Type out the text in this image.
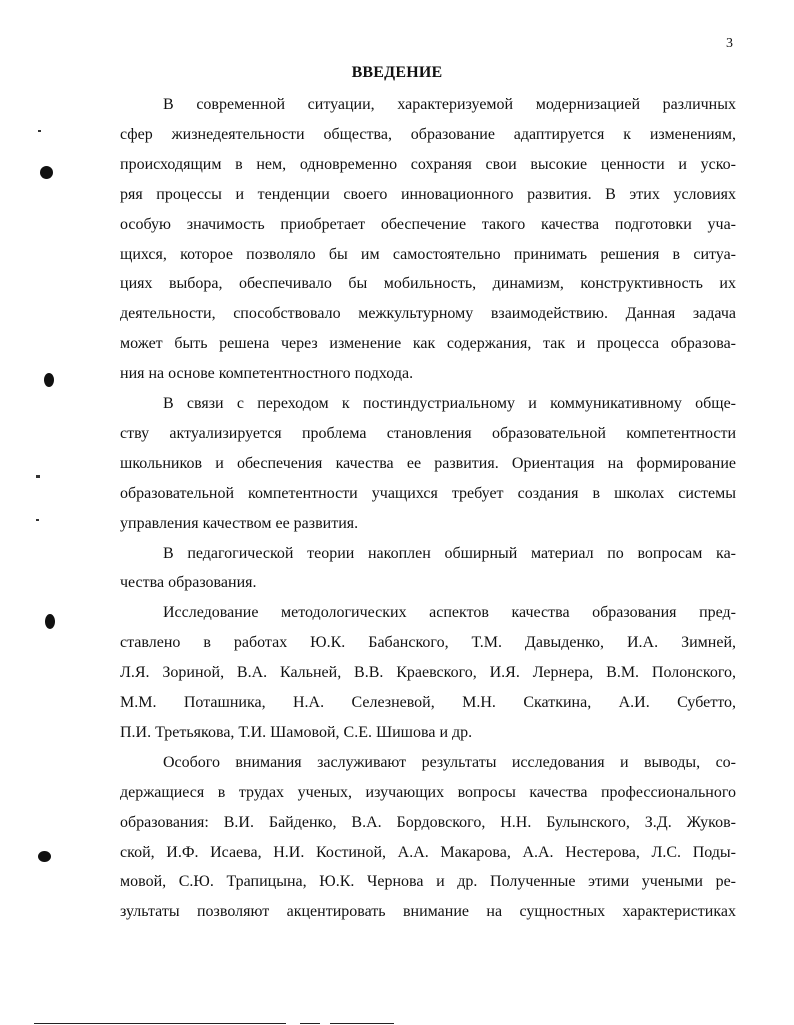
3
ВВЕДЕНИЕ
В современной ситуации, характеризуемой модернизацией различных
сфер жизнедеятельности общества, образование адаптируется к изменениям,
происходящим в нем, одновременно сохраняя свои высокие ценности и уско-
ряя процессы и тенденции своего инновационного развития. В этих условиях
особую значимость приобретает обеспечение такого качества подготовки уча-
щихся, которое позволяло бы им самостоятельно принимать решения в ситуа-
циях выбора, обеспечивало бы мобильность, динамизм, конструктивность их
деятельности, способствовало межкультурному взаимодействию. Данная задача
может быть решена через изменение как содержания, так и процесса образова-
ния на основе компетентностного подхода.
В связи с переходом к постиндустриальному и коммуникативному обще-
ству актуализируется проблема становления образовательной компетентности
школьников и обеспечения качества ее развития. Ориентация на формирование
образовательной компетентности учащихся требует создания в школах системы
управления качеством ее развития.
В педагогической теории накоплен обширный материал по вопросам ка-
чества образования.
Исследование методологических аспектов качества образования пред-
ставлено в работах Ю.К. Бабанского, Т.М. Давыденко, И.А. Зимней,
Л.Я. Зориной, В.А. Кальней, В.В. Краевского, И.Я. Лернера, В.М. Полонского,
М.М. Поташника, Н.А. Селезневой, М.Н. Скаткина, А.И. Субетто,
П.И. Третьякова, Т.И. Шамовой, С.Е. Шишова и др.
Особого внимания заслуживают результаты исследования и выводы, со-
держащиеся в трудах ученых, изучающих вопросы качества профессионального
образования: В.И. Байденко, В.А. Бордовского, Н.Н. Булынского, З.Д. Жуков-
ской, И.Ф. Исаева, Н.И. Костиной, А.А. Макарова, А.А. Нестерова, Л.С. Поды-
мовой, С.Ю. Трапицына, Ю.К. Чернова и др. Полученные этими учеными ре-
зультаты позволяют акцентировать внимание на сущностных характеристиках
